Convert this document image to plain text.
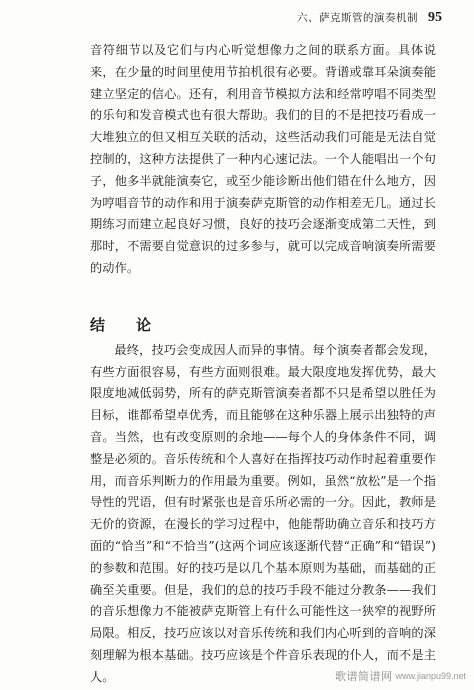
六、萨克斯管的演奏机制 95

音符细节以及它们与内心听觉想像力之间的联系方面。具体说来，在少量的时间里使用节拍机很有必要。背谱或靠耳朵演奏能建立坚定的信心。还有，利用音节模拟方法和经常哼唱不同类型的乐句和发音模式也有很大帮助。我们的目的不是把技巧看成一大堆独立的但又相互关联的活动，这些活动我们可能是无法自觉控制的，这种方法提供了一种内心速记法。一个人能唱出一个句子，他多半就能演奏它，或至少能诊断出他们错在什么地方，因为哼唱音节的动作和用于演奏萨克斯管的动作相差无几。通过长期练习而建立起良好习惯，良好的技巧会逐渐变成第二天性，到那时，不需要自觉意识的过多参与，就可以完成音响演奏所需要的动作。

结　论

最终，技巧会变成因人而异的事情。每个演奏者都会发现，有些方面很容易，有些方面则很难。最大限度地发挥优势，最大限度地减低弱势，所有的萨克斯管演奏者都不只是希望以胜任为目标，谁都希望卓优秀，而且能够在这种乐器上展示出独特的声音。当然，也有改变原则的余地——每个人的身体条件不同，调整是必须的。音乐传统和个人喜好在指挥技巧动作时起着重要作用，而音乐判断力的作用最为重要。例如，虽然“放松”是一个指导性的咒语，但有时紧张也是音乐所必需的一分。因此，教师是无价的资源，在漫长的学习过程中，他能帮助确立音乐和技巧方面的“恰当”和“不恰当”(这两个词应该逐渐代替“正确”和“错误”)的参数和范围。好的技巧是以几个基本原则为基础，而基础的正确至关重要。但是，我们的总的技巧手段不能过分教条——我们的音乐想像力不能被萨克斯管上有什么可能性这一狭窄的视野所局限。相反，技巧应该以对音乐传统和我们内心听到的音响的深刻理解为根本基础。技巧应该是个件音乐表现的仆人，而不是主人。	歌谱简谱网 www.jianpu99.net
